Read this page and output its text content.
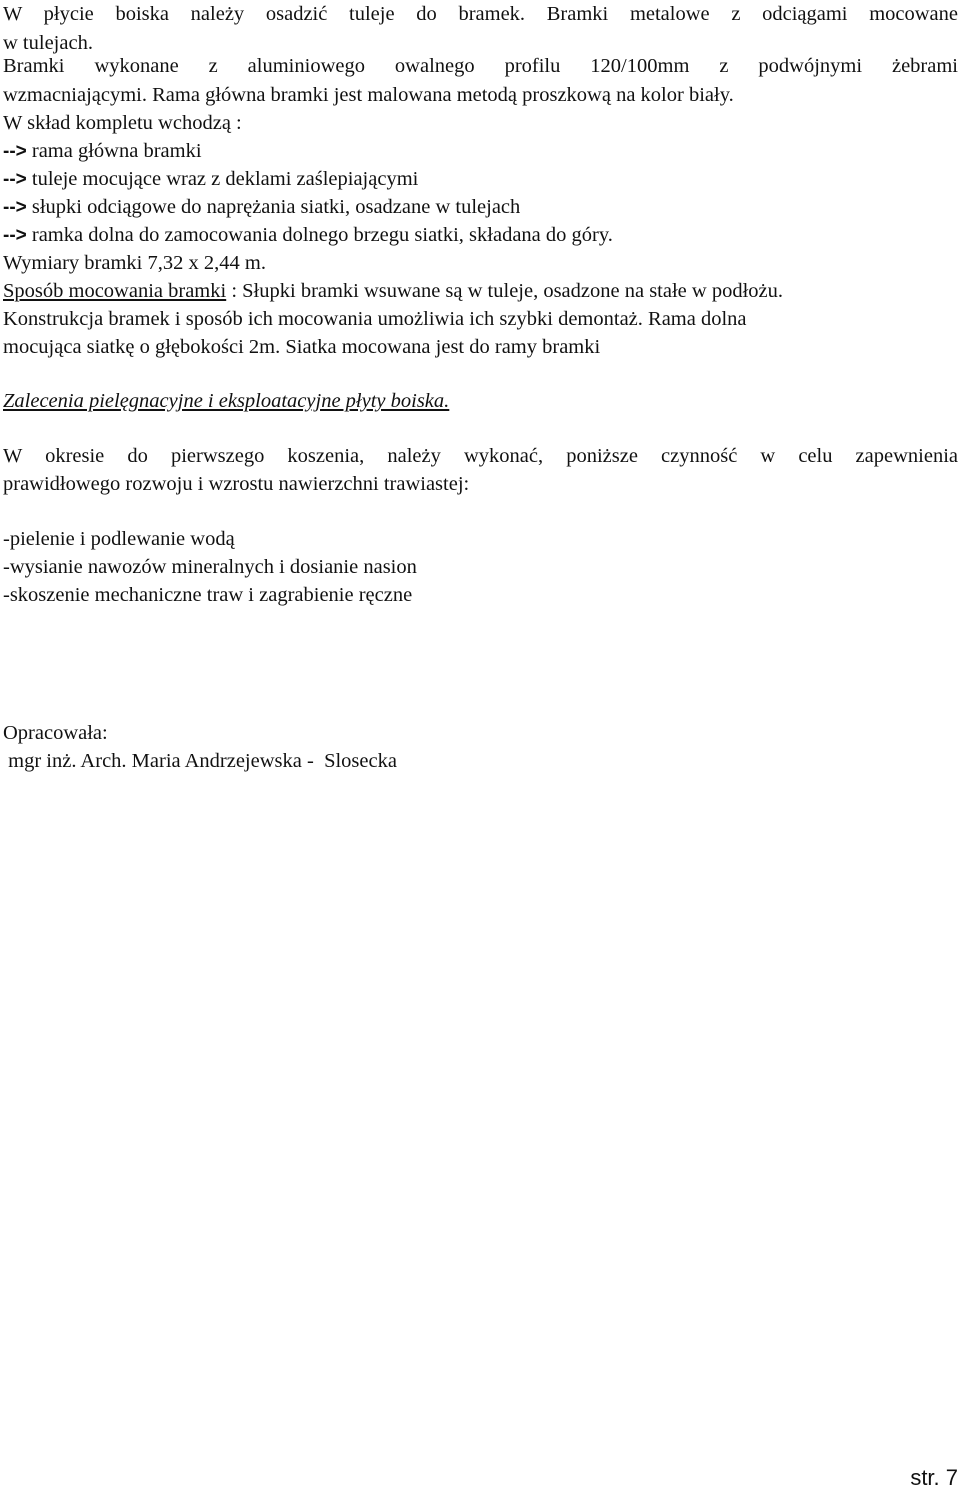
W płycie boiska należy osadzić tuleje do bramek. Bramki metalowe z odciągami mocowane
w tulejach.
Bramki wykonane z aluminiowego owalnego profilu 120/100mm z podwójnymi żebrami
wzmacniającymi. Rama główna bramki jest malowana metodą proszkową na kolor biały.
W skład kompletu wchodzą :
--> rama główna bramki
--> tuleje mocujące wraz z deklami zaślepiającymi
--> słupki odciągowe do naprężania siatki, osadzane w tulejach
--> ramka dolna do zamocowania dolnego brzegu siatki, składana do góry.
Wymiary bramki 7,32 x 2,44 m.
Sposób mocowania bramki : Słupki bramki wsuwane są w tuleje, osadzone na stałe w podłożu.
Konstrukcja bramek i sposób ich mocowania umożliwia ich szybki demontaż. Rama dolna
mocująca siatkę o głębokości 2m. Siatka mocowana jest do ramy bramki
Zalecenia pielęgnacyjne i eksploatacyjne płyty boiska.
W okresie do pierwszego koszenia, należy wykonać, poniższe czynność w celu zapewnienia
prawidłowego rozwoju i wzrostu nawierzchni trawiastej:
-pielenie i podlewanie wodą
-wysianie nawozów mineralnych i dosianie nasion
-skoszenie mechaniczne traw i zagrabienie ręczne
Opracowała:
mgr inż. Arch. Maria Andrzejewska -  Slosecka
str. 7
